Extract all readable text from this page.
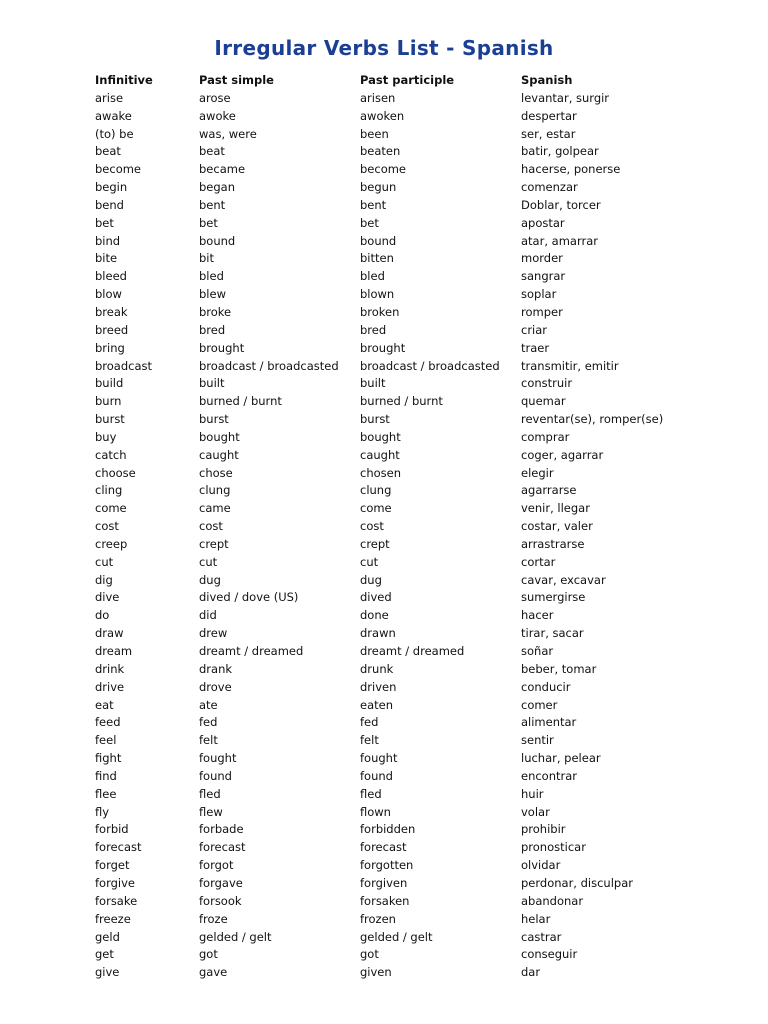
Irregular Verbs List - Spanish
Infinitive	Past simple	Past participle	Spanish
arise	arose	arisen	levantar, surgir
awake	awoke	awoken	despertar
(to) be	was, were	been	ser, estar
beat	beat	beaten	batir, golpear
become	became	become	hacerse, ponerse
begin	began	begun	comenzar
bend	bent	bent	Doblar, torcer
bet	bet	bet	apostar
bind	bound	bound	atar, amarrar
bite	bit	bitten	morder
bleed	bled	bled	sangrar
blow	blew	blown	soplar
break	broke	broken	romper
breed	bred	bred	criar
bring	brought	brought	traer
broadcast	broadcast / broadcasted	broadcast / broadcasted	transmitir, emitir
build	built	built	construir
burn	burned / burnt	burned / burnt	quemar
burst	burst	burst	reventar(se), romper(se)
buy	bought	bought	comprar
catch	caught	caught	coger, agarrar
choose	chose	chosen	elegir
cling	clung	clung	agarrarse
come	came	come	venir, llegar
cost	cost	cost	costar, valer
creep	crept	crept	arrastrarse
cut	cut	cut	cortar
dig	dug	dug	cavar, excavar
dive	dived / dove (US)	dived	sumergirse
do	did	done	hacer
draw	drew	drawn	tirar, sacar
dream	dreamt / dreamed	dreamt / dreamed	soñar
drink	drank	drunk	beber, tomar
drive	drove	driven	conducir
eat	ate	eaten	comer
feed	fed	fed	alimentar
feel	felt	felt	sentir
fight	fought	fought	luchar, pelear
find	found	found	encontrar
flee	fled	fled	huir
fly	flew	flown	volar
forbid	forbade	forbidden	prohibir
forecast	forecast	forecast	pronosticar
forget	forgot	forgotten	olvidar
forgive	forgave	forgiven	perdonar, disculpar
forsake	forsook	forsaken	abandonar
freeze	froze	frozen	helar
geld	gelded / gelt	gelded / gelt	castrar
get	got	got	conseguir
give	gave	given	dar
